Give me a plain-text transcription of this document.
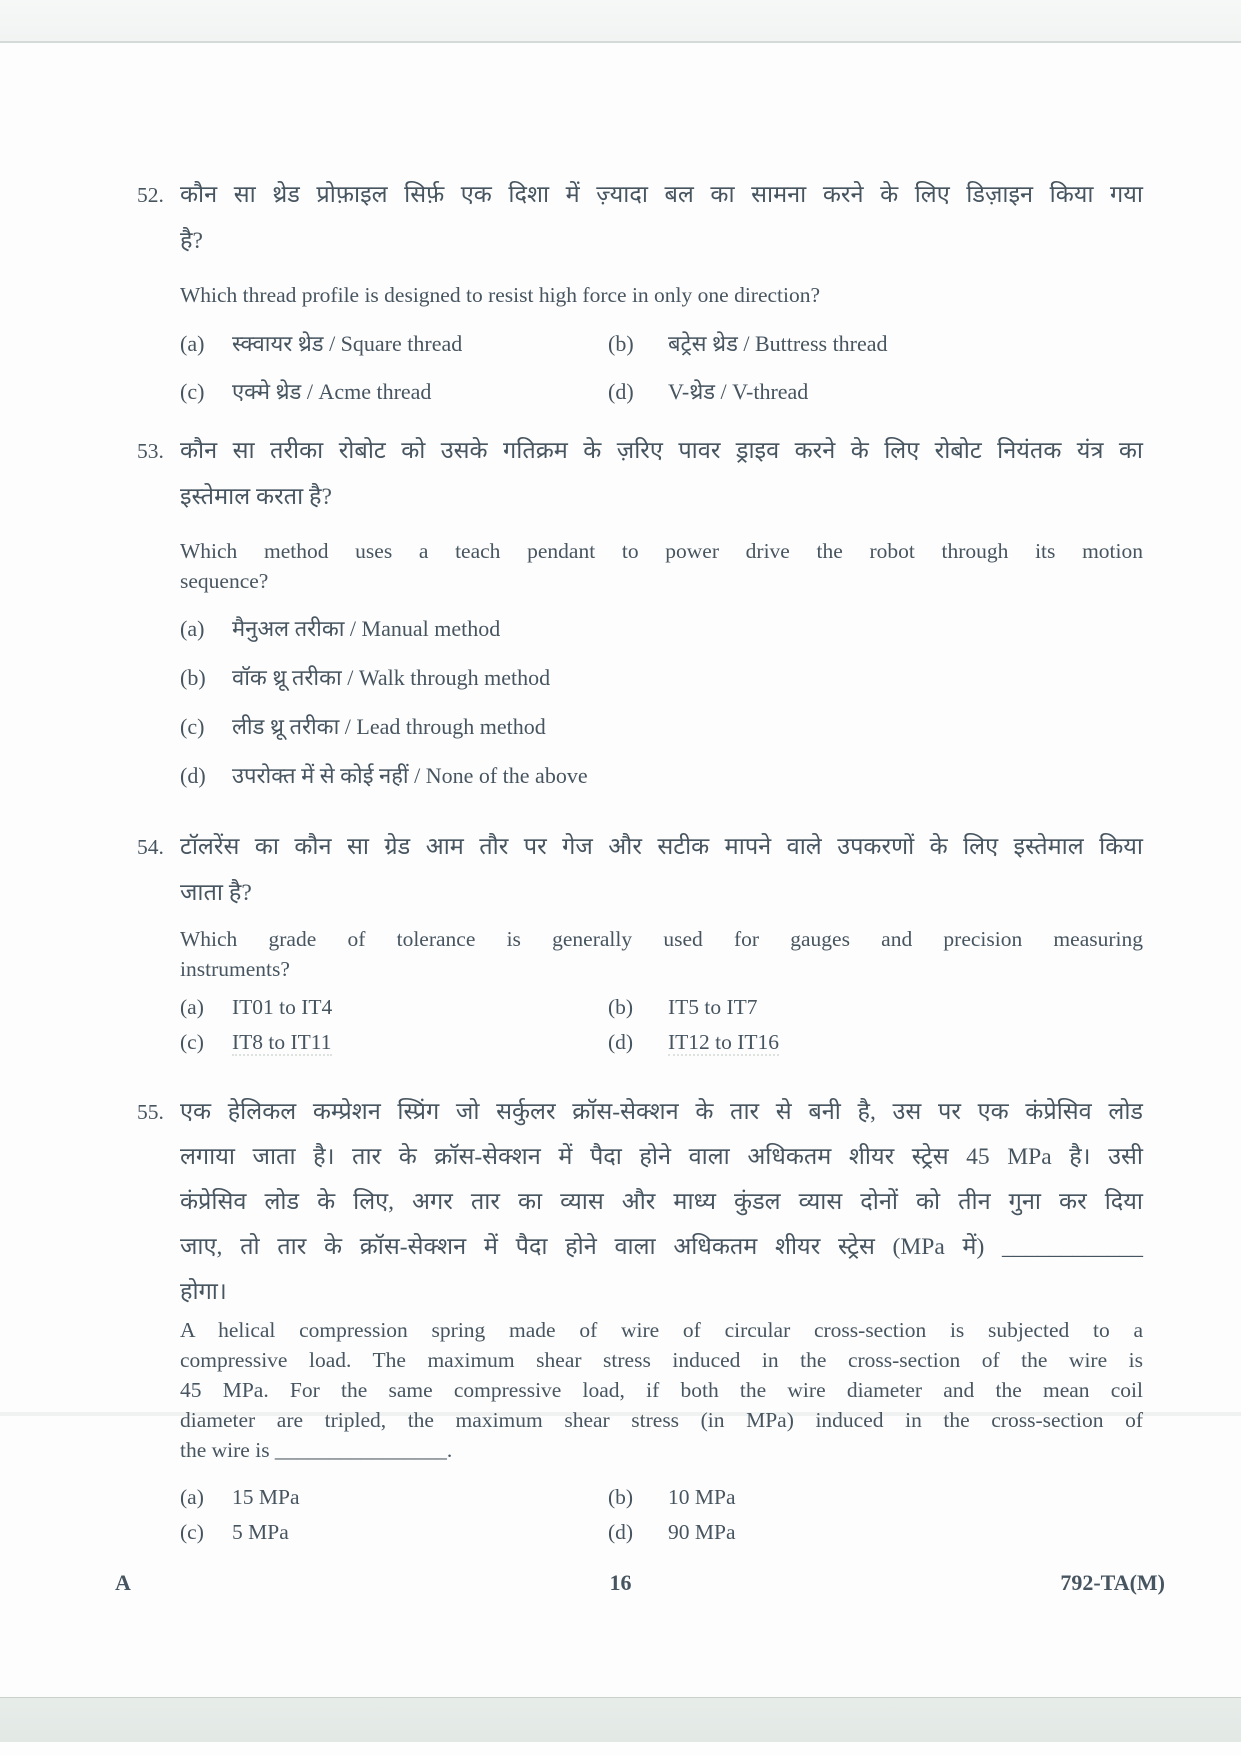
52. कौन सा थ्रेड प्रोफ़ाइल सिर्फ़ एक दिशा में ज़्यादा बल का सामना करने के लिए डिज़ाइन किया गया
है?
Which thread profile is designed to resist high force in only one direction?
(a)	स्क्वायर थ्रेड / Square thread	(b)	बट्रेस थ्रेड / Buttress thread
(c)	एक्मे थ्रेड / Acme thread	(d)	V-थ्रेड / V-thread
53. कौन सा तरीका रोबोट को उसके गतिक्रम के ज़रिए पावर ड्राइव करने के लिए रोबोट नियंतक यंत्र का
इस्तेमाल करता है?
Which method uses a teach pendant to power drive the robot through its motion
sequence?
(a)	मैनुअल तरीका / Manual method
(b)	वॉक थ्रू तरीका / Walk through method
(c)	लीड थ्रू तरीका / Lead through method
(d)	उपरोक्त में से कोई नहीं / None of the above
54. टॉलरेंस का कौन सा ग्रेड आम तौर पर गेज और सटीक मापने वाले उपकरणों के लिए इस्तेमाल किया
जाता है?
Which grade of tolerance is generally used for gauges and precision measuring
instruments?
(a)	IT01 to IT4	(b)	IT5 to IT7
(c)	IT8 to IT11	(d)	IT12 to IT16
55. एक हेलिकल कम्प्रेशन स्प्रिंग जो सर्कुलर क्रॉस-सेक्शन के तार से बनी है, उस पर एक कंप्रेसिव लोड
लगाया जाता है। तार के क्रॉस-सेक्शन में पैदा होने वाला अधिकतम शीयर स्ट्रेस 45 MPa है। उसी
कंप्रेसिव लोड के लिए, अगर तार का व्यास और माध्य कुंडल व्यास दोनों को तीन गुना कर दिया
जाए, तो तार के क्रॉस-सेक्शन में पैदा होने वाला अधिकतम शीयर स्ट्रेस (MPa में) ____________
होगा।
A helical compression spring made of wire of circular cross-section is subjected to a
compressive load. The maximum shear stress induced in the cross-section of the wire is
45 MPa. For the same compressive load, if both the wire diameter and the mean coil
diameter are tripled, the maximum shear stress (in MPa) induced in the cross-section of
the wire is ________________.
(a)	15 MPa	(b)	10 MPa
(c)	5 MPa	(d)	90 MPa
A	16	792-TA(M)
